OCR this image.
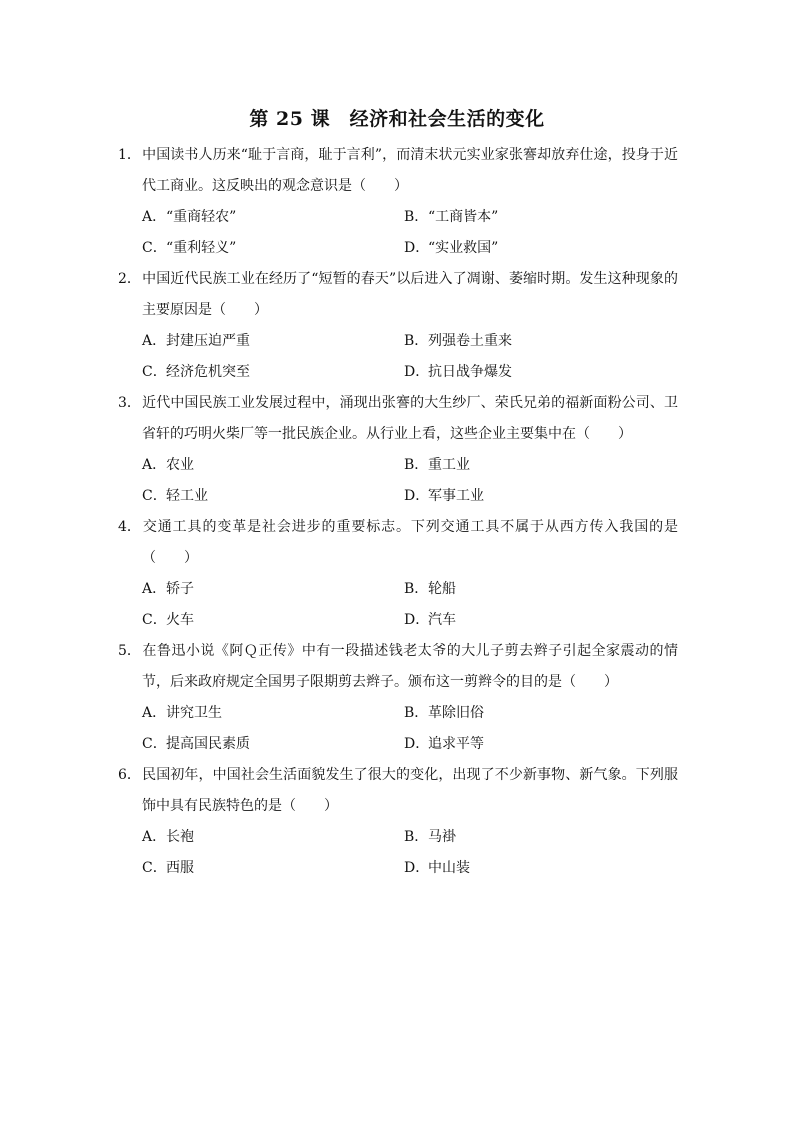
第 25 课　经济和社会生活的变化
1．中国读书人历来“耻于言商，耻于言利”，而清末状元实业家张謇却放弃仕途，投身于近代工商业。这反映出的观念意识是（　　）
A．“重商轻农”	B．“工商皆本”
C．“重利轻义”	D．“实业救国”
2．中国近代民族工业在经历了“短暂的春天”以后进入了凋谢、萎缩时期。发生这种现象的主要原因是（　　）
A．封建压迫严重	B．列强卷土重来
C．经济危机突至	D．抗日战争爆发
3．近代中国民族工业发展过程中，涌现出张謇的大生纱厂、荣氏兄弟的福新面粉公司、卫省轩的巧明火柴厂等一批民族企业。从行业上看，这些企业主要集中在（　　）
A．农业	B．重工业
C．轻工业	D．军事工业
4．交通工具的变革是社会进步的重要标志。下列交通工具不属于从西方传入我国的是（　　）
A．轿子	B．轮船
C．火车	D．汽车
5．在鲁迅小说《阿Ｑ正传》中有一段描述钱老太爷的大儿子剪去辫子引起全家震动的情节，后来政府规定全国男子限期剪去辫子。颁布这一剪辫令的目的是（　　）
A．讲究卫生	B．革除旧俗
C．提高国民素质	D．追求平等
6．民国初年，中国社会生活面貌发生了很大的变化，出现了不少新事物、新气象。下列服饰中具有民族特色的是（　　）
A．长袍	B．马褂
C．西服	D．中山装
